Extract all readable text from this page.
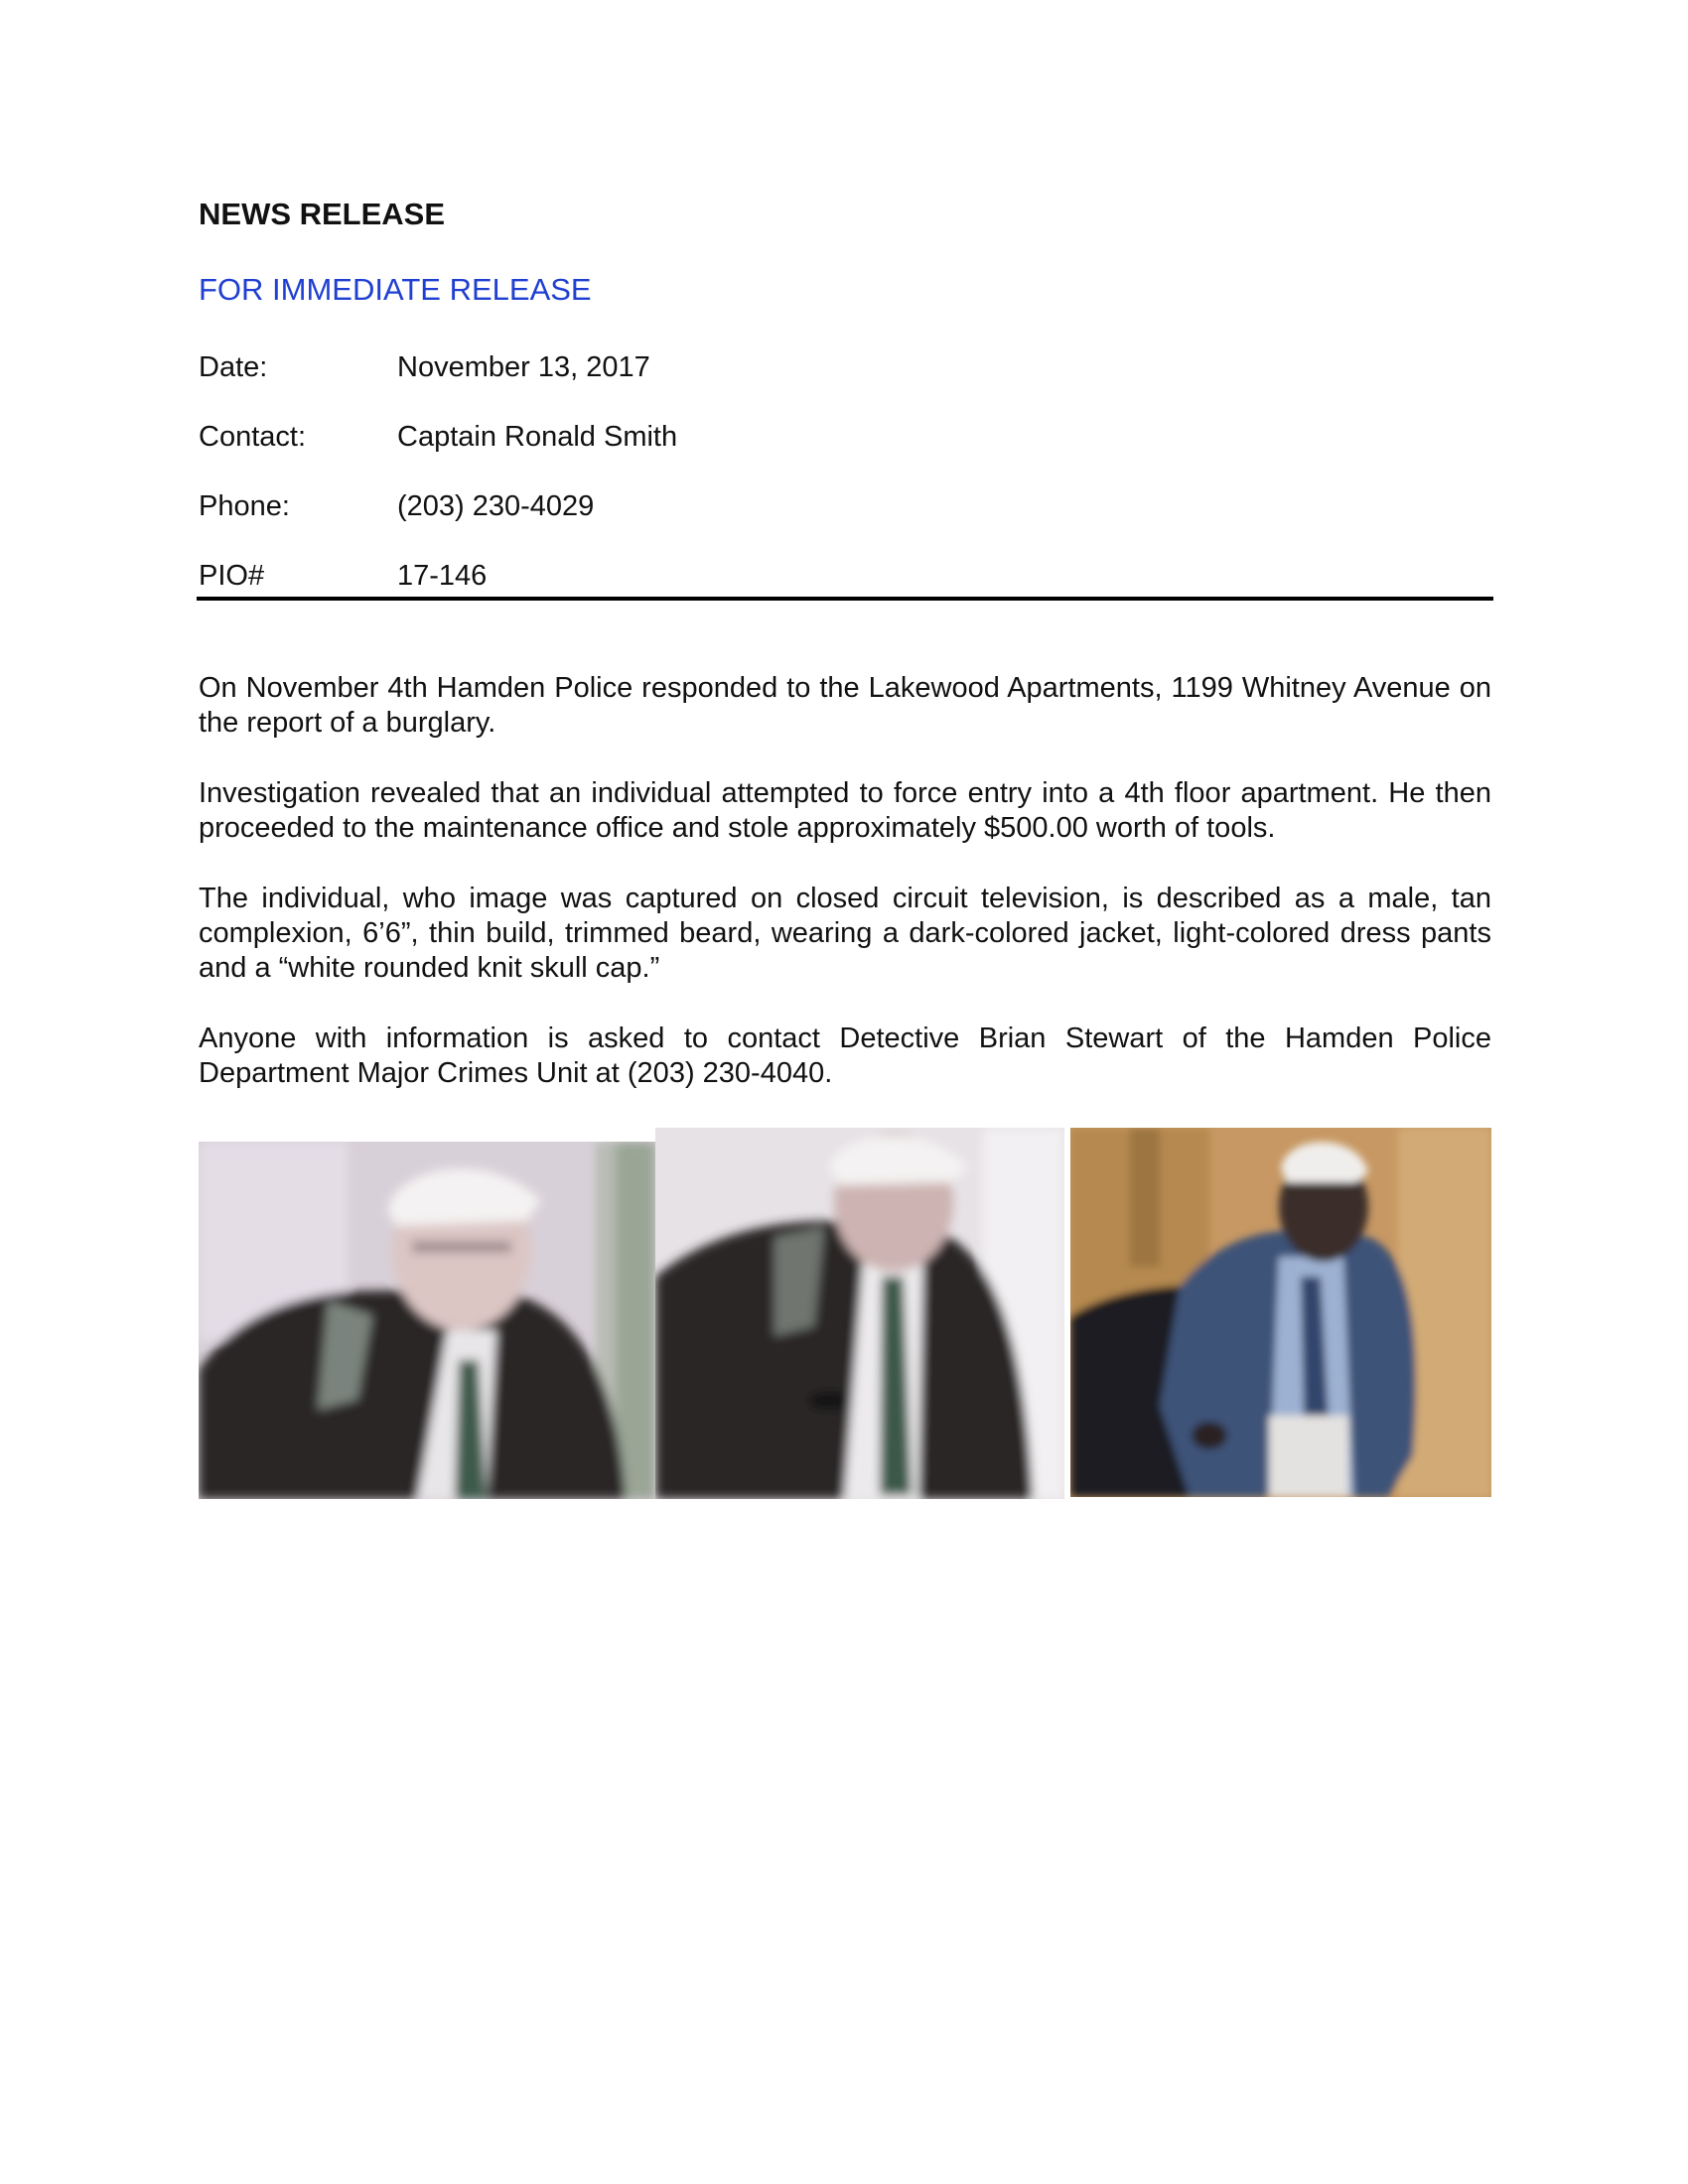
NEWS RELEASE
FOR IMMEDIATE RELEASE
Date:	November 13, 2017
Contact:	Captain Ronald Smith
Phone:	(203) 230-4029
PIO#	17-146

On November 4th Hamden Police responded to the Lakewood Apartments, 1199 Whitney Avenue on the report of a burglary.

Investigation revealed that an individual attempted to force entry into a 4th floor apartment. He then proceeded to the maintenance office and stole approximately $500.00 worth of tools.

The individual, who image was captured on closed circuit television, is described as a male, tan complexion, 6’6”, thin build, trimmed beard, wearing a dark-colored jacket, light-colored dress pants and a “white rounded knit skull cap.”

Anyone with information is asked to contact Detective Brian Stewart of the Hamden Police Department Major Crimes Unit at (203) 230-4040.
